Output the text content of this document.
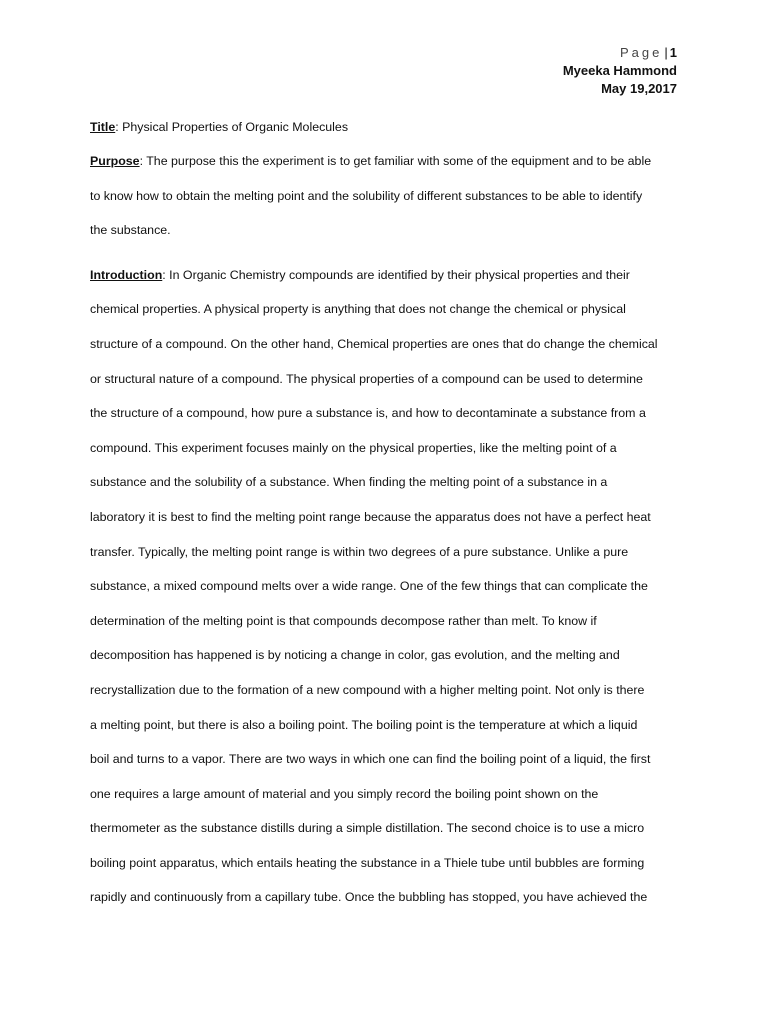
Page | 1
Myeeka Hammond
May 19,2017

Title: Physical Properties of Organic Molecules

Purpose: The purpose this the experiment is to get familiar with some of the equipment and to be able
to know how to obtain the melting point and the solubility of different substances to be able to identify
the substance.

Introduction: In Organic Chemistry compounds are identified by their physical properties and their
chemical properties. A physical property is anything that does not change the chemical or physical
structure of a compound. On the other hand, Chemical properties are ones that do change the chemical
or structural nature of a compound. The physical properties of a compound can be used to determine
the structure of a compound, how pure a substance is, and how to decontaminate a substance from a
compound. This experiment focuses mainly on the physical properties, like the melting point of a
substance and the solubility of a substance. When finding the melting point of a substance in a
laboratory it is best to find the melting point range because the apparatus does not have a perfect heat
transfer. Typically, the melting point range is within two degrees of a pure substance. Unlike a pure
substance, a mixed compound melts over a wide range. One of the few things that can complicate the
determination of the melting point is that compounds decompose rather than melt. To know if
decomposition has happened is by noticing a change in color, gas evolution, and the melting and
recrystallization due to the formation of a new compound with a higher melting point. Not only is there
a melting point, but there is also a boiling point. The boiling point is the temperature at which a liquid
boil and turns to a vapor. There are two ways in which one can find the boiling point of a liquid, the first
one requires a large amount of material and you simply record the boiling point shown on the
thermometer as the substance distills during a simple distillation. The second choice is to use a micro
boiling point apparatus, which entails heating the substance in a Thiele tube until bubbles are forming
rapidly and continuously from a capillary tube. Once the bubbling has stopped, you have achieved the
